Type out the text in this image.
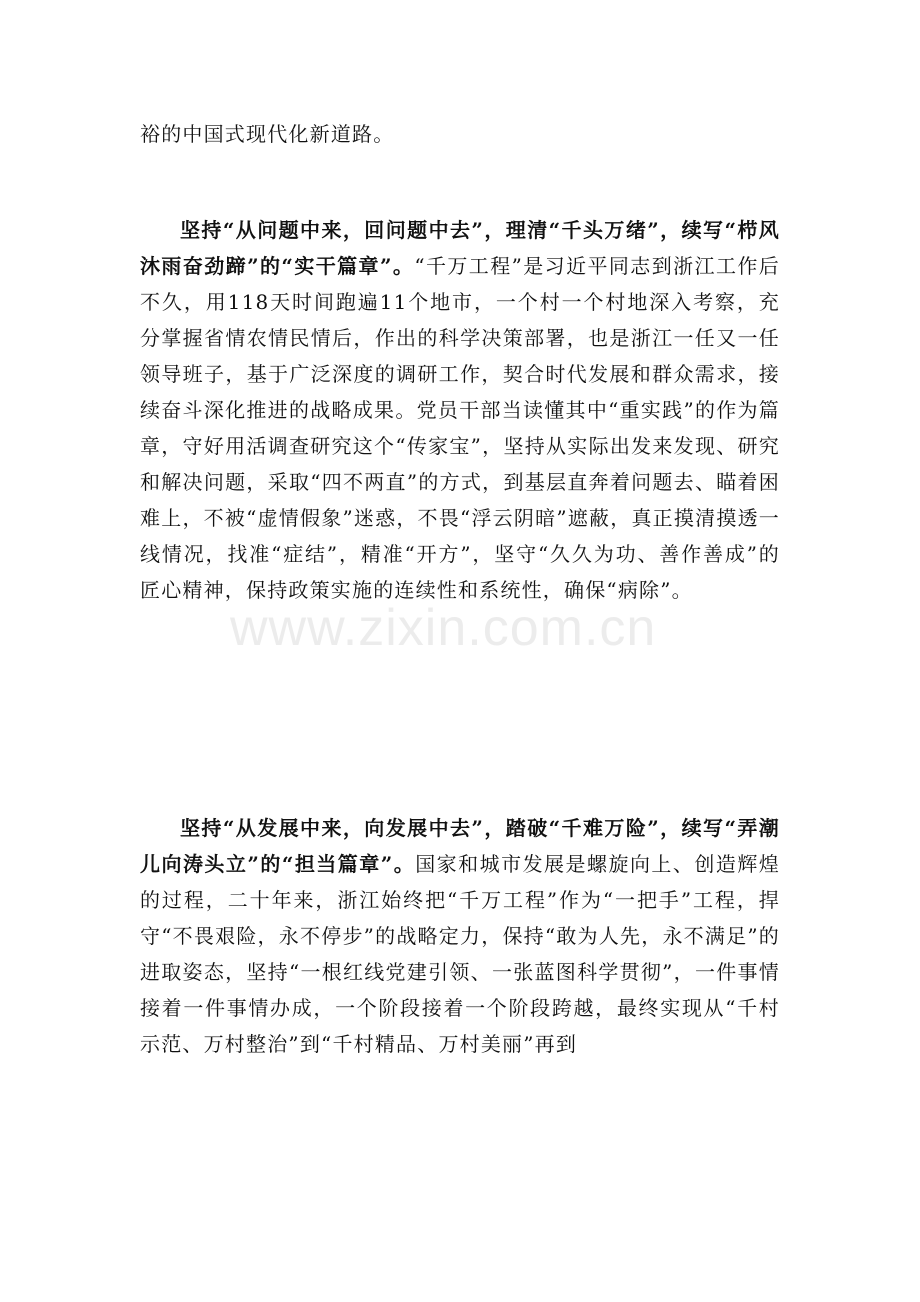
裕的中国式现代化新道路。
坚持“从问题中来，回问题中去”，理清“千头万绪”，续写“栉风沐雨奋劲蹄”的“实干篇章”。“千万工程”是习近平同志到浙江工作后不久，用118天时间跑遍11个地市，一个村一个村地深入考察，充分掌握省情农情民情后，作出的科学决策部署，也是浙江一任又一任领导班子，基于广泛深度的调研工作，契合时代发展和群众需求，接续奋斗深化推进的战略成果。党员干部当读懂其中“重实践”的作为篇章，守好用活调查研究这个“传家宝”，坚持从实际出发来发现、研究和解决问题，采取“四不两直”的方式，到基层直奔着问题去、瞄着困难上，不被“虚情假象”迷惑，不畏“浮云阴暗”遮蔽，真正摸清摸透一线情况，找准“症结”，精准“开方”，坚守“久久为功、善作善成”的匠心精神，保持政策实施的连续性和系统性，确保“病除”。
坚持“从发展中来，向发展中去”，踏破“千难万险”，续写“弄潮儿向涛头立”的“担当篇章”。国家和城市发展是螺旋向上、创造辉煌的过程，二十年来，浙江始终把“千万工程”作为“一把手”工程，捍守“不畏艰险，永不停步”的战略定力，保持“敢为人先，永不满足”的进取姿态，坚持“一根红线党建引领、一张蓝图科学贯彻”，一件事情接着一件事情办成，一个阶段接着一个阶段跨越，最终实现从“千村示范、万村整治”到“千村精品、万村美丽”再到
www.zixin.com.cn
